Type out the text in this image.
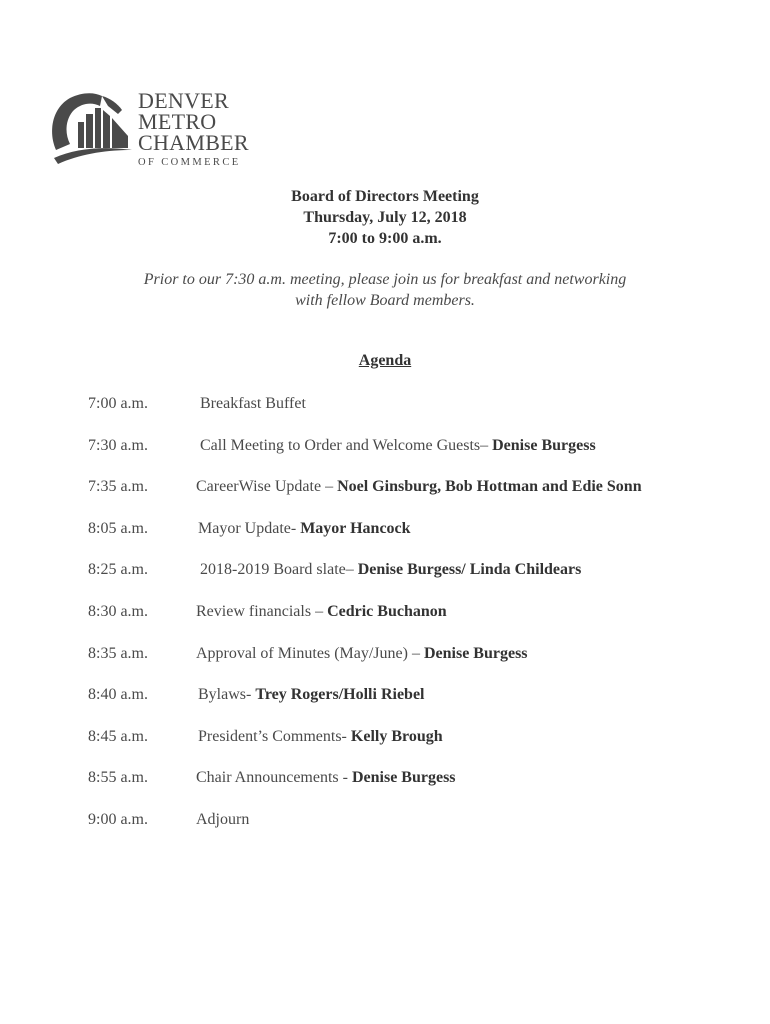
DENVER
METRO
CHAMBER
OF COMMERCE
Board of Directors Meeting
Thursday, July 12, 2018
7:00 to 9:00 a.m.
Prior to our 7:30 a.m. meeting, please join us for breakfast and networking
with fellow Board members.
Agenda
7:00 a.m.	Breakfast Buffet
7:30 a.m.	Call Meeting to Order and Welcome Guests– Denise Burgess
7:35 a.m.	CareerWise Update – Noel Ginsburg, Bob Hottman and Edie Sonn
8:05 a.m.	Mayor Update- Mayor Hancock
8:25 a.m.	2018-2019 Board slate– Denise Burgess/ Linda Childears
8:30 a.m.	Review financials – Cedric Buchanon
8:35 a.m.	Approval of Minutes (May/June) – Denise Burgess
8:40 a.m.	Bylaws- Trey Rogers/Holli Riebel
8:45 a.m.	President’s Comments- Kelly Brough
8:55 a.m.	Chair Announcements - Denise Burgess
9:00 a.m.	Adjourn
